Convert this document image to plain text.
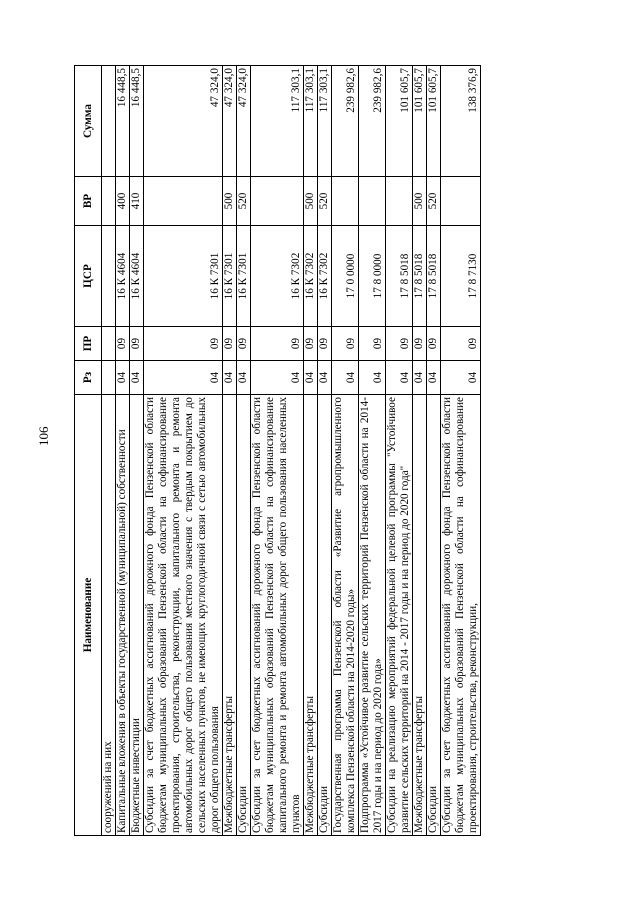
106
Наименование	Рз	ПР	ЦСР	ВР	Сумма
сооружений на них					
Капитальные вложения в объекты государственной (муниципальной) собственности	04	09	16 К 4604	400	16 448,5
Бюджетные инвестиции	04	09	16 К 4604	410	16 448,5
Субсидии за счет бюджетных ассигнований дорожного фонда Пензенской области бюджетам муниципальных образований Пензенской области на софинансирование проектирования, строительства, реконструкции, капитального ремонта и ремонта автомобильных дорог общего пользования местного значения с твердым покрытием до сельских населенных пунктов, не имеющих круглогодичной связи с сетью автомобильных дорог общего пользования	04	09	16 К 7301		47 324,0
Межбюджетные трансферты	04	09	16 К 7301	500	47 324,0
Субсидии	04	09	16 К 7301	520	47 324,0
Субсидии за счет бюджетных ассигнований дорожного фонда Пензенской области бюджетам муниципальных образований Пензенской области на софинансирование капитального ремонта и ремонта автомобильных дорог общего пользования населенных пунктов	04	09	16 К 7302		117 303,1
Межбюджетные трансферты	04	09	16 К 7302	500	117 303,1
Субсидии	04	09	16 К 7302	520	117 303,1
Государственная программа Пензенской области «Развитие агропромышленного комплекса Пензенской области на 2014-2020 годы»	04	09	17 0 0000		239 982,6
Подпрограмма «Устойчивое развитие сельских территорий Пензенской области на 2014-2017 годы и на период до 2020 года»	04	09	17 8 0000		239 982,6
Субсидии на реализацию мероприятий федеральной целевой программы "Устойчивое развитие сельских территорий на 2014 - 2017 годы и на период до 2020 года"	04	09	17 8 5018		101 605,7
Межбюджетные трансферты	04	09	17 8 5018	500	101 605,7
Субсидии	04	09	17 8 5018	520	101 605,7
Субсидии за счет бюджетных ассигнований дорожного фонда Пензенской области бюджетам муниципальных образований Пензенской области на софинансирование проектирования, строительства, реконструкции,	04	09	17 8 7130		138 376,9
